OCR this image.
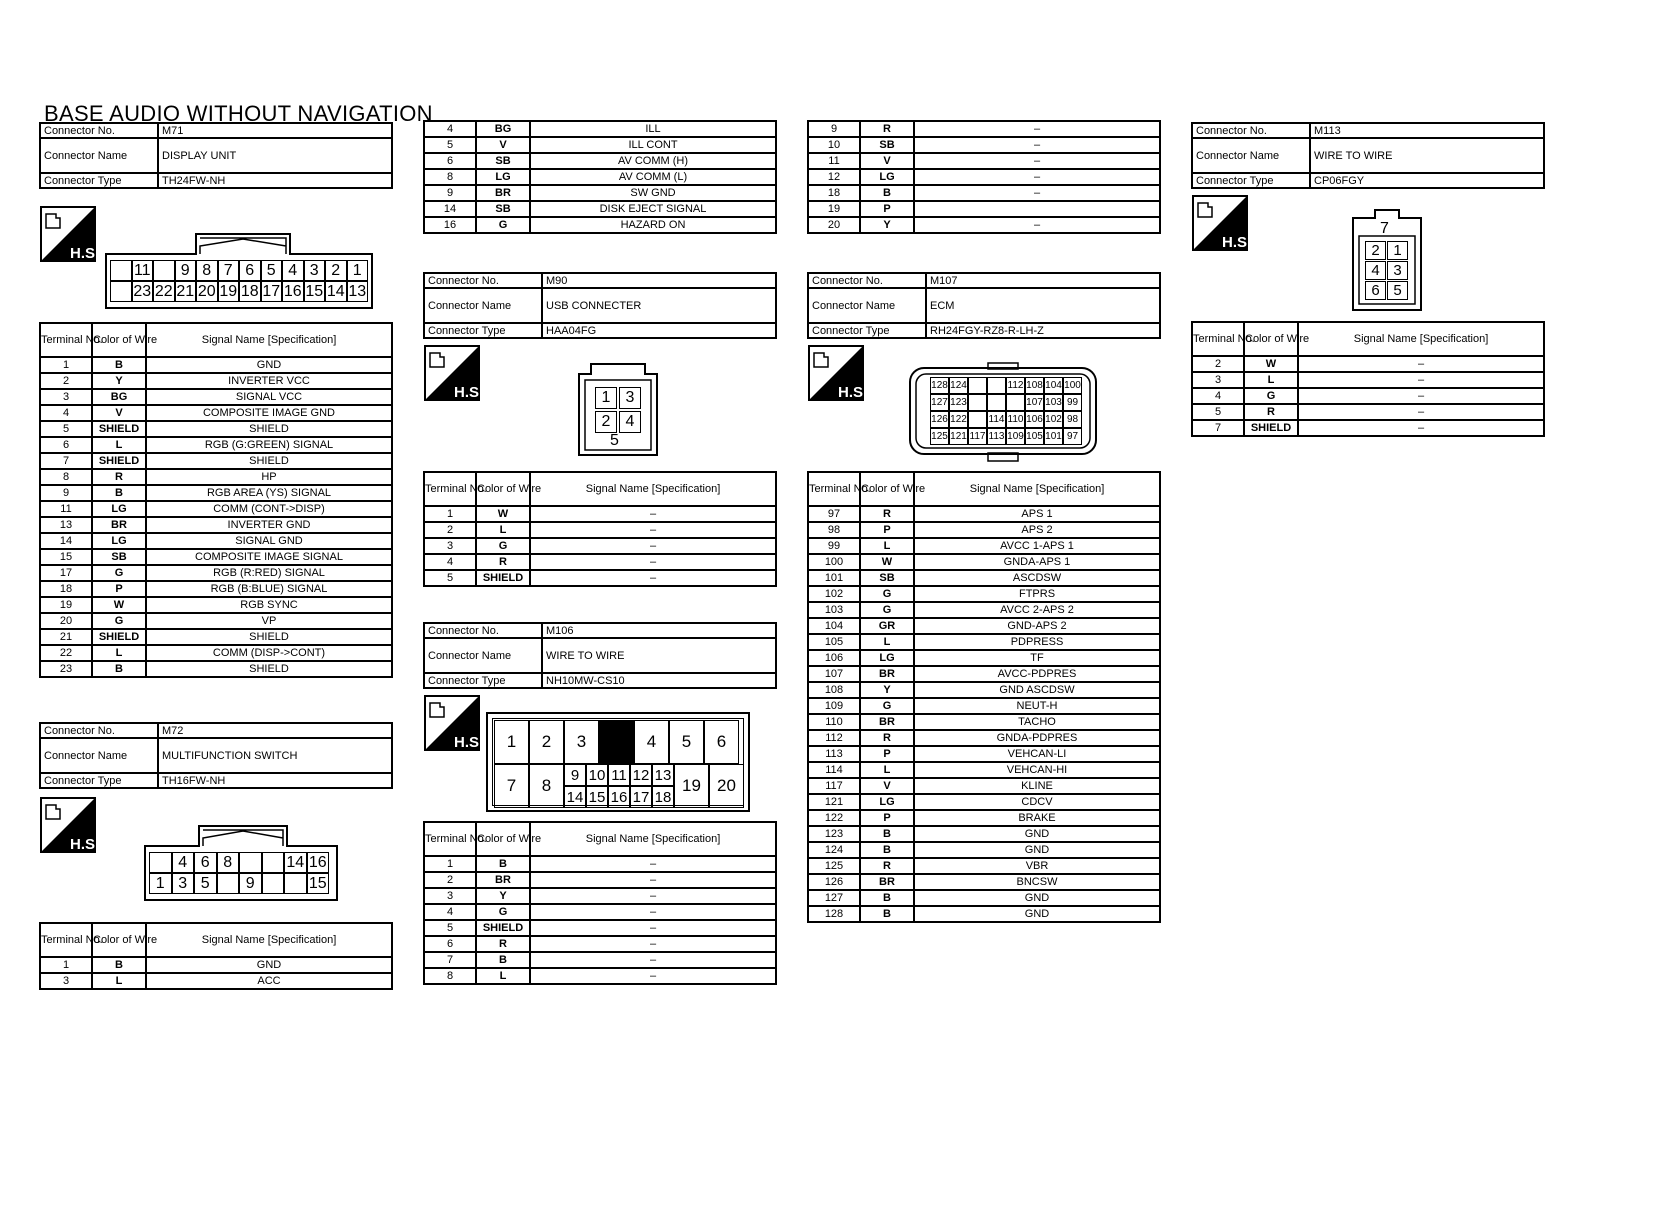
BASE AUDIO WITHOUT NAVIGATION
Connector No.	M71
Connector Name	DISPLAY UNIT
Connector Type	TH24FW-NH
H.S.
11	9 8 7 6 5 4 3 2 1
23 22 21 20 19 18 17 16 15 14 13
Terminal No.	Color of Wire	Signal Name [Specification]
1	B	GND
2	Y	INVERTER VCC
3	BG	SIGNAL VCC
4	V	COMPOSITE IMAGE GND
5	SHIELD	SHIELD
6	L	RGB (G:GREEN) SIGNAL
7	SHIELD	SHIELD
8	R	HP
9	B	RGB AREA (YS) SIGNAL
11	LG	COMM (CONT->DISP)
13	BR	INVERTER GND
14	LG	SIGNAL GND
15	SB	COMPOSITE IMAGE SIGNAL
17	G	RGB (R:RED) SIGNAL
18	P	RGB (B:BLUE) SIGNAL
19	W	RGB SYNC
20	G	VP
21	SHIELD	SHIELD
22	L	COMM (DISP->CONT)
23	B	SHIELD
Connector No.	M72
Connector Name	MULTIFUNCTION SWITCH
Connector Type	TH16FW-NH
H.S.
4 6 8	14 16
1 3 5	9	15
Terminal No.	Color of Wire	Signal Name [Specification]
1	B	GND
3	L	ACC
4	BG	ILL
5	V	ILL CONT
6	SB	AV COMM (H)
8	LG	AV COMM (L)
9	BR	SW GND
14	SB	DISK EJECT SIGNAL
16	G	HAZARD ON
Connector No.	M90
Connector Name	USB CONNECTER
Connector Type	HAA04FG
H.S.	1 3
2 4
5
Terminal No.	Color of Wire	Signal Name [Specification]
1	W	–
2	L	–
3	G	–
4	R	–
5	SHIELD	–
Connector No.	M106
Connector Name	WIRE TO WIRE
Connector Type	NH10MW-CS10
H.S.	1	2	3	4	5	6
7	8
9 10 11 12 13
14 15 16 17 18
19 20
Terminal No.	Color of Wire	Signal Name [Specification]
1	B	–
2	BR	–
3	Y	–
4	G	–
5	SHIELD	–
6	R	–
7	B	–
8	L	–
9	R	–
10	SB	–
11	V	–
12	LG	–
18	B	–
19	P	
20	Y	–
Connector No.	M107
Connector Name	ECM
Connector Type	RH24FGY-RZ8-R-LH-Z
H.S.	128 124	112 108 104 100
127 123	107 103 99
126 122 114 110 106 102 98
125 121 117 113 109 105 101 97
Terminal No.	Color of Wire	Signal Name [Specification]
97	R	APS 1
98	P	APS 2
99	L	AVCC 1-APS 1
100	W	GNDA-APS 1
101	SB	ASCDSW
102	G	FTPRS
103	G	AVCC 2-APS 2
104	GR	GND-APS 2
105	L	PDPRESS
106	LG	TF
107	BR	AVCC-PDPRES
108	Y	GND ASCDSW
109	G	NEUT-H
110	BR	TACHO
112	R	GNDA-PDPRES
113	P	VEHCAN-LI
114	L	VEHCAN-HI
117	V	KLINE
121	LG	CDCV
122	P	BRAKE
123	B	GND
124	B	GND
125	R	VBR
126	BR	BNCSW
127	B	GND
128	B	GND
Connector No.	M113
Connector Name	WIRE TO WIRE
Connector Type	CP06FGY
H.S.
7
2 1
4 3
6 5
Terminal No.	Color of Wire	Signal Name [Specification]
2	W	–
3	L	–
4	G	–
5	R	–
7	SHIELD	–
